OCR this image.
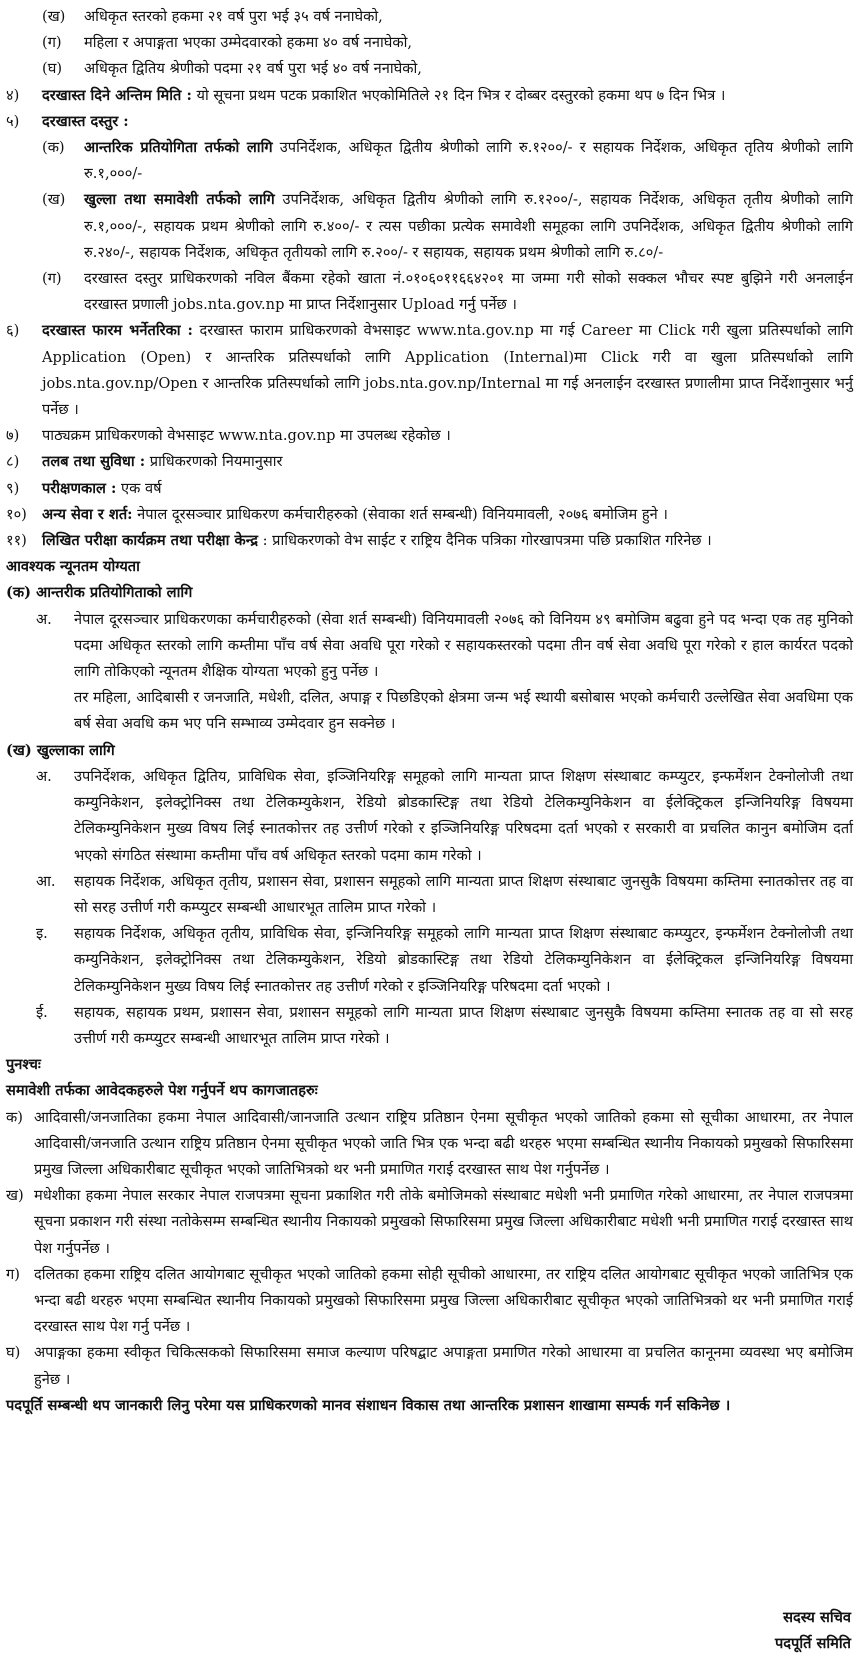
(ख)	अधिकृत स्तरको हकमा २१ वर्ष पुरा भई ३५ वर्ष ननाघेको,
(ग)	महिला र अपाङ्गता भएका उम्मेदवारको हकमा ४० वर्ष ननाघेको,
(घ)	अधिकृत द्वितिय श्रेणीको पदमा २१ वर्ष पुरा भई ४० वर्ष ननाघेको,
४)	दरखास्त दिने अन्तिम मिति : यो सूचना प्रथम पटक प्रकाशित भएकोमितिले २१ दिन भित्र र दोब्बर दस्तुरको हकमा थप ७ दिन भित्र ।
५)	दरखास्त दस्तुर :
(क)	आन्तरिक प्रतियोगिता तर्फको लागि उपनिर्देशक, अधिकृत द्वितीय श्रेणीको लागि रु.१२००/- र सहायक निर्देशक, अधिकृत तृतिय श्रेणीको लागि रु.१,०००/-
(ख)	खुल्ला तथा समावेशी तर्फको लागि उपनिर्देशक, अधिकृत द्वितीय श्रेणीको लागि रु.१२००/-, सहायक निर्देशक, अधिकृत तृतीय श्रेणीको लागि रु.१,०००/-, सहायक प्रथम श्रेणीको लागि रु.४००/- र त्यस पछीका प्रत्येक समावेशी समूहका लागि उपनिर्देशक, अधिकृत द्वितीय श्रेणीको लागि रु.२४०/-, सहायक निर्देशक, अधिकृत तृतीयको लागि रु.२००/- र सहायक, सहायक प्रथम श्रेणीको लागि रु.८०/-
(ग)	दरखास्त दस्तुर प्राधिकरणको नविल बैंकमा रहेको खाता नं.०१०६०११६६४२०१ मा जम्मा गरी सोको सक्कल भौचर स्पष्ट बुझिने गरी अनलाईन दरखास्त प्रणाली jobs.nta.gov.np मा प्राप्त निर्देशानुसार Upload गर्नु पर्नेछ ।
६)	दरखास्त फारम भर्नेतरिका : दरखास्त फाराम प्राधिकरणको वेभसाइट www.nta.gov.np मा गई Career मा Click गरी खुला प्रतिस्पर्धाको लागि Application (Open) र आन्तरिक प्रतिस्पर्धाको लागि Application (Internal)मा Click गरी वा खुला प्रतिस्पर्धाको लागि jobs.nta.gov.np/Open र आन्तरिक प्रतिस्पर्धाको लागि jobs.nta.gov.np/Internal मा गई अनलाईन दरखास्त प्रणालीमा प्राप्त निर्देशानुसार भर्नु पर्नेछ ।
७)	पाठ्यक्रम प्राधिकरणको वेभसाइट www.nta.gov.np मा उपलब्ध रहेकोछ ।
८)	तलब तथा सुविधा : प्राधिकरणको नियमानुसार
९)	परीक्षणकाल : एक वर्ष
१०)	अन्य सेवा र शर्त: नेपाल दूरसञ्चार प्राधिकरण कर्मचारीहरुको (सेवाका शर्त सम्बन्धी) विनियमावली, २०७६ बमोजिम हुने ।
११)	लिखित परीक्षा कार्यक्रम तथा परीक्षा केन्द्र : प्राधिकरणको वेभ साईट र राष्ट्रिय दैनिक पत्रिका गोरखापत्रमा पछि प्रकाशित गरिनेछ ।
आवश्यक न्यूनतम योग्यता
(क) आन्तरीक प्रतियोगिताको लागि
अ.	नेपाल दूरसञ्चार प्राधिकरणका कर्मचारीहरुको (सेवा शर्त सम्बन्धी) विनियमावली २०७६ को विनियम ४९ बमोजिम बढुवा हुने पद भन्दा एक तह मुनिको पदमा अधिकृत स्तरको लागि कम्तीमा पाँच वर्ष सेवा अवधि पूरा गरेको र सहायकस्तरको पदमा तीन वर्ष सेवा अवधि पूरा गरेको र हाल कार्यरत पदको लागि तोकिएको न्यूनतम शैक्षिक योग्यता भएको हुनु पर्नेछ ।
तर महिला, आदिबासी र जनजाति, मधेशी, दलित, अपाङ्ग र पिछडिएको क्षेत्रमा जन्म भई स्थायी बसोबास भएको कर्मचारी उल्लेखित सेवा अवधिमा एक बर्ष सेवा अवधि कम भए पनि सम्भाव्य उम्मेदवार हुन सक्नेछ ।
(ख) खुल्लाका लागि
अ.	उपनिर्देशक, अधिकृत द्वितिय, प्राविधिक सेवा, इञ्जिनियरिङ्ग समूहको लागि मान्यता प्राप्त शिक्षण संस्थाबाट कम्प्युटर, इन्फर्मेशन टेक्नोलोजी तथा कम्युनिकेशन, इलेक्ट्रोनिक्स तथा टेलिकम्युकेशन, रेडियो ब्रोडकास्टिङ्ग तथा रेडियो टेलिकम्युनिकेशन वा ईलेक्ट्रिकल इन्जिनियरिङ्ग विषयमा टेलिकम्युनिकेशन मुख्य विषय लिई स्नातकोत्तर तह उत्तीर्ण गरेको र इञ्जिनियरिङ्ग परिषदमा दर्ता भएको र सरकारी वा प्रचलित कानुन बमोजिम दर्ता भएको संगठित संस्थामा कम्तीमा पाँच वर्ष अधिकृत स्तरको पदमा काम गरेको ।
आ.	सहायक निर्देशक, अधिकृत तृतीय, प्रशासन सेवा, प्रशासन समूहको लागि मान्यता प्राप्त शिक्षण संस्थाबाट जुनसुकै विषयमा कम्तिमा स्नातकोत्तर तह वा सो सरह उत्तीर्ण गरी कम्प्युटर सम्बन्धी आधारभूत तालिम प्राप्त गरेको ।
इ.	सहायक निर्देशक, अधिकृत तृतीय, प्राविधिक सेवा, इन्जिनियरिङ्ग समूहको लागि मान्यता प्राप्त शिक्षण संस्थाबाट कम्प्युटर, इन्फर्मेशन टेक्नोलोजी तथा कम्युनिकेशन, इलेक्ट्रोनिक्स तथा टेलिकम्युकेशन, रेडियो ब्रोडकास्टिङ्ग तथा रेडियो टेलिकम्युनिकेशन वा ईलेक्ट्रिकल इन्जिनियरिङ्ग विषयमा टेलिकम्युनिकेशन मुख्य विषय लिई स्नातकोत्तर तह उत्तीर्ण गरेको र इञ्जिनियरिङ्ग परिषदमा दर्ता भएको ।
ई.	सहायक, सहायक प्रथम, प्रशासन सेवा, प्रशासन समूहको लागि मान्यता प्राप्त शिक्षण संस्थाबाट जुनसुकै विषयमा कम्तिमा स्नातक तह वा सो सरह उत्तीर्ण गरी कम्प्युटर सम्बन्धी आधारभूत तालिम प्राप्त गरेको ।
पुनश्चः
समावेशी तर्फका आवेदकहरुले पेश गर्नुपर्ने थप कागजातहरुः
क) आदिवासी/जनजातिका हकमा नेपाल आदिवासी/जानजाति उत्थान राष्ट्रिय प्रतिष्ठान ऐनमा सूचीकृत भएको जातिको हकमा सो सूचीका आधारमा, तर नेपाल आदिवासी/जनजाति उत्थान राष्ट्रिय प्रतिष्ठान ऐनमा सूचीकृत भएको जाति भित्र एक भन्दा बढी थरहरु भएमा सम्बन्धित स्थानीय निकायको प्रमुखको सिफारिसमा प्रमुख जिल्ला अधिकारीबाट सूचीकृत भएको जातिभित्रको थर भनी प्रमाणित गराई दरखास्त साथ पेश गर्नुपर्नेछ ।
ख) मधेशीका हकमा नेपाल सरकार नेपाल राजपत्रमा सूचना प्रकाशित गरी तोके बमोजिमको संस्थाबाट मधेशी भनी प्रमाणित गरेको आधारमा, तर नेपाल राजपत्रमा सूचना प्रकाशन गरी संस्था नतोकेसम्म सम्बन्धित स्थानीय निकायको प्रमुखको सिफारिसमा प्रमुख जिल्ला अधिकारीबाट मधेशी भनी प्रमाणित गराई दरखास्त साथ पेश गर्नुपर्नेछ ।
ग) दलितका हकमा राष्ट्रिय दलित आयोगबाट सूचीकृत भएको जातिको हकमा सोही सूचीको आधारमा, तर राष्ट्रिय दलित आयोगबाट सूचीकृत भएको जातिभित्र एक भन्दा बढी थरहरु भएमा सम्बन्धित स्थानीय निकायको प्रमुखको सिफारिसमा प्रमुख जिल्ला अधिकारीबाट सूचीकृत भएको जातिभित्रको थर भनी प्रमाणित गराई दरखास्त साथ पेश गर्नु पर्नेछ ।
घ) अपाङ्गका हकमा स्वीकृत चिकित्सकको सिफारिसमा समाज कल्याण परिषद्बाट अपाङ्गता प्रमाणित गरेको आधारमा वा प्रचलित कानूनमा व्यवस्था भए बमोजिम हुनेछ ।
पदपूर्ति सम्बन्धी थप जानकारी लिनु परेमा यस प्राधिकरणको मानव संशाधन विकास तथा आन्तरिक प्रशासन शाखामा सम्पर्क गर्न सकिनेछ ।
सदस्य सचिव
पदपूर्ति समिति
